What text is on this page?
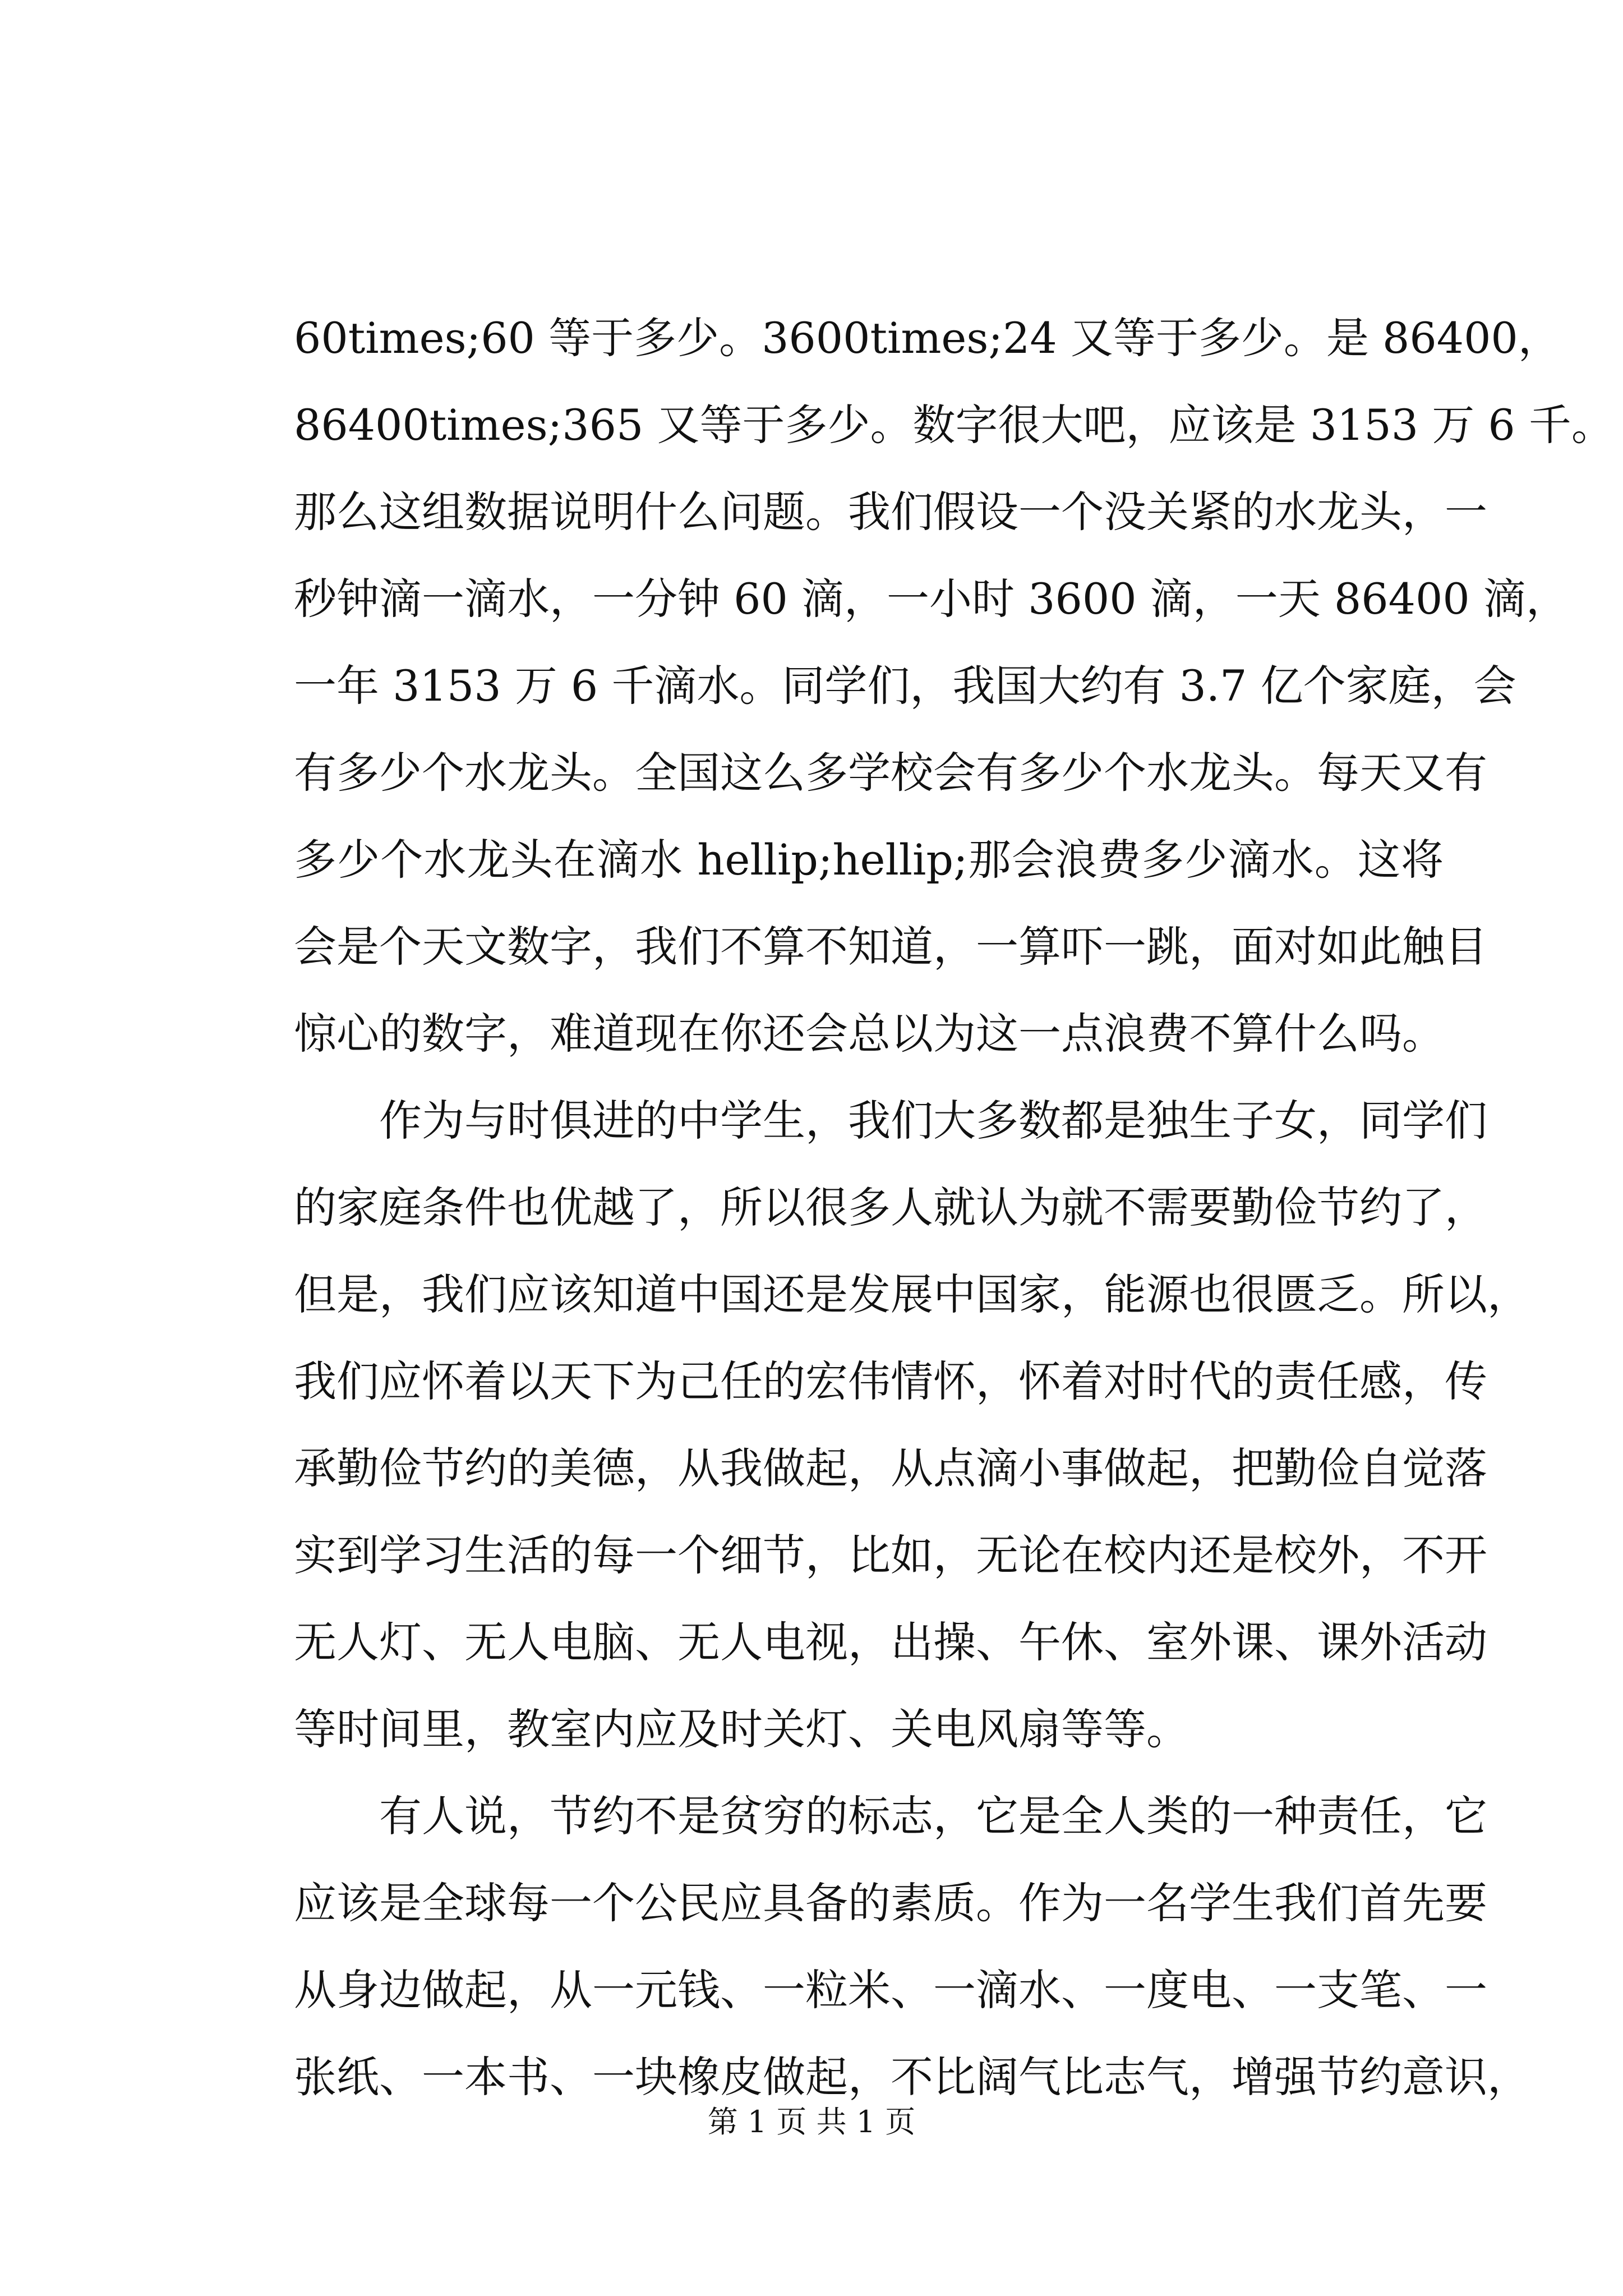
60times;60 等于多少。3600times;24 又等于多少。是 86400，
86400times;365 又等于多少。数字很大吧，应该是 3153 万 6 千。
那么这组数据说明什么问题。我们假设一个没关紧的水龙头，一
秒钟滴一滴水，一分钟 60 滴，一小时 3600 滴，一天 86400 滴，
一年 3153 万 6 千滴水。同学们，我国大约有 3.7 亿个家庭，会
有多少个水龙头。全国这么多学校会有多少个水龙头。每天又有
多少个水龙头在滴水 hellip;hellip;那会浪费多少滴水。这将
会是个天文数字，我们不算不知道，一算吓一跳，面对如此触目
惊心的数字，难道现在你还会总以为这一点浪费不算什么吗。
作为与时俱进的中学生，我们大多数都是独生子女，同学们
的家庭条件也优越了，所以很多人就认为就不需要勤俭节约了，
但是，我们应该知道中国还是发展中国家，能源也很匮乏。所以，
我们应怀着以天下为己任的宏伟情怀，怀着对时代的责任感，传
承勤俭节约的美德，从我做起，从点滴小事做起，把勤俭自觉落
实到学习生活的每一个细节，比如，无论在校内还是校外，不开
无人灯、无人电脑、无人电视，出操、午休、室外课、课外活动
等时间里，教室内应及时关灯、关电风扇等等。
有人说，节约不是贫穷的标志，它是全人类的一种责任，它
应该是全球每一个公民应具备的素质。作为一名学生我们首先要
从身边做起，从一元钱、一粒米、一滴水、一度电、一支笔、一
张纸、一本书、一块橡皮做起，不比阔气比志气，增强节约意识，
第 1 页 共 1 页
